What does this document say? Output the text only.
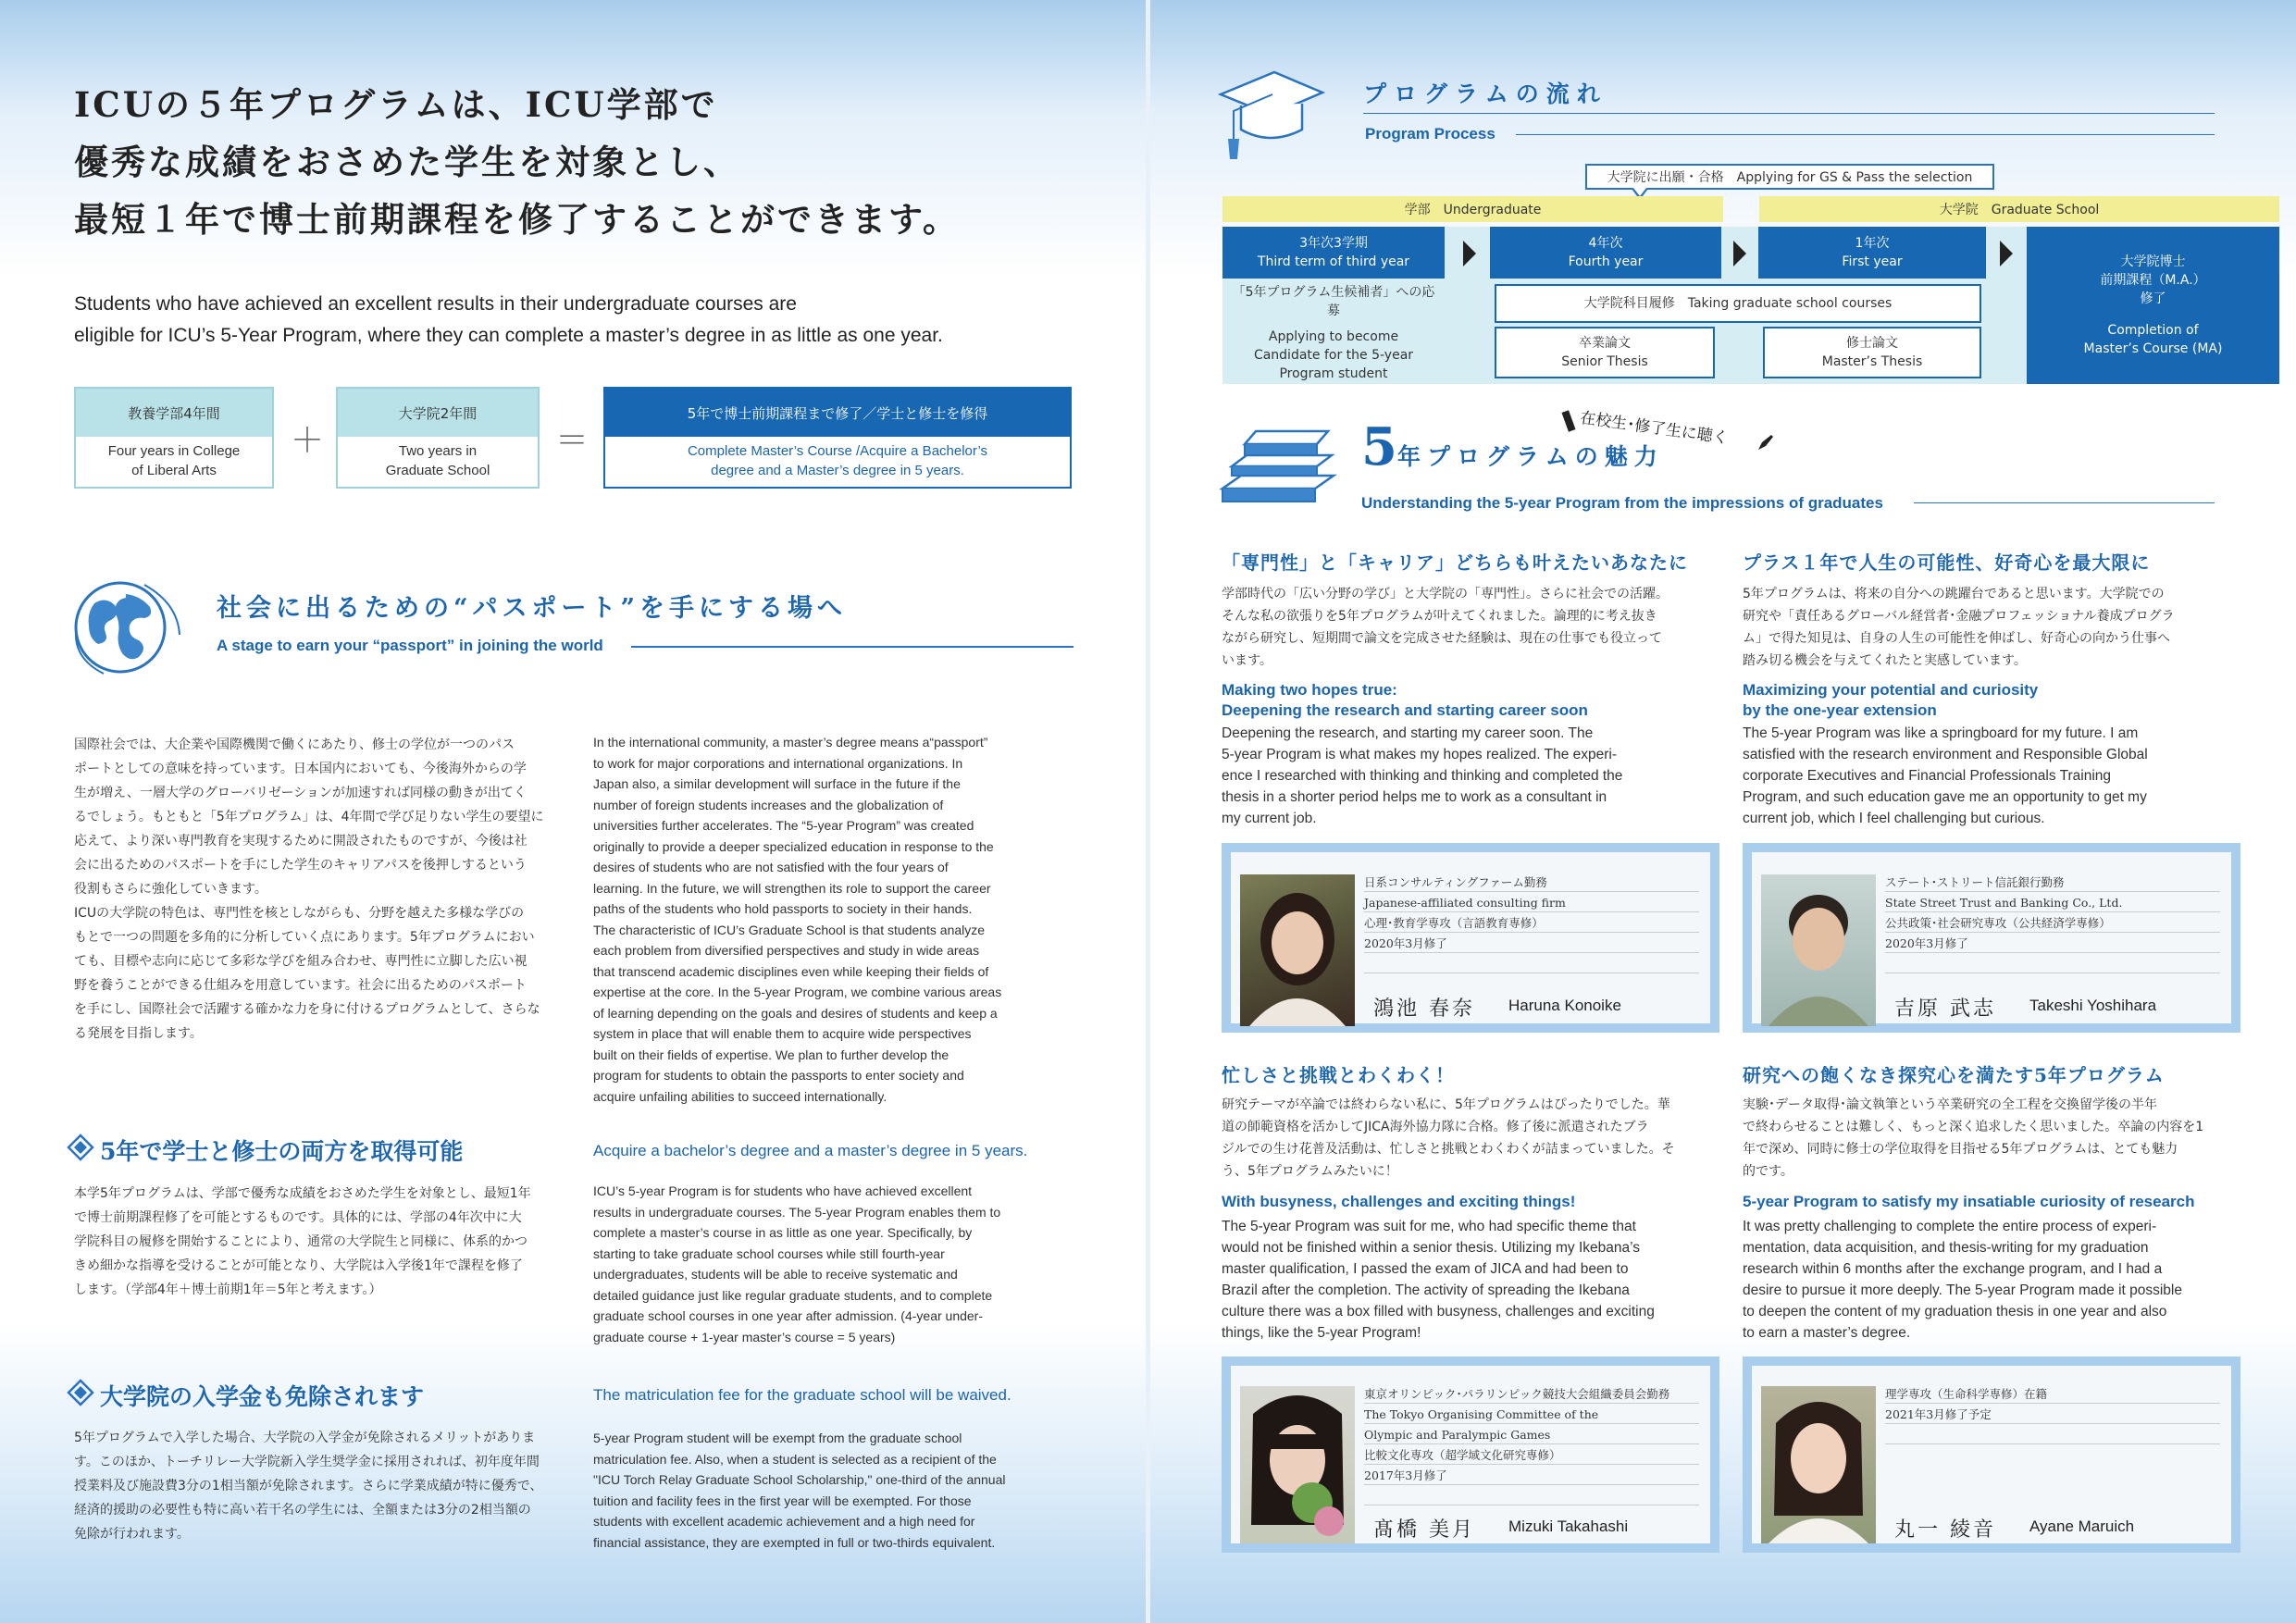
ICUの５年プログラムは、ICU学部で
優秀な成績をおさめた学生を対象とし、
最短１年で博士前期課程を修了することができます。
Students who have achieved an excellent results in their undergraduate courses are
eligible for ICU’s 5-Year Program, where they can complete a master’s degree in as little as one year.
教養学部4年間
Four years in College
of Liberal Arts
＋
大学院2年間
Two years in
Graduate School
＝
5年で博士前期課程まで修了／学士と修士を修得
Complete Master’s Course /Acquire a Bachelor’s
degree and a Master’s degree in 5 years.
社会に出るための“パスポート”を手にする場へ
A stage to earn your “passport” in joining the world
国際社会では、大企業や国際機関で働くにあたり、修士の学位が一つのパス
ポートとしての意味を持っています。日本国内においても、今後海外からの学
生が増え、一層大学のグローバリゼーションが加速すれば同様の動きが出てく
るでしょう。もともと「5年プログラム」は、4年間で学び足りない学生の要望に
応えて、より深い専門教育を実現するために開設されたものですが、今後は社
会に出るためのパスポートを手にした学生のキャリアパスを後押しするという
役割もさらに強化していきます。
ICUの大学院の特色は、専門性を核としながらも、分野を越えた多様な学びの
もとで一つの問題を多角的に分析していく点にあります。5年プログラムにおい
ても、目標や志向に応じて多彩な学びを組み合わせ、専門性に立脚した広い視
野を養うことができる仕組みを用意しています。社会に出るためのパスポート
を手にし、国際社会で活躍する確かな力を身に付けるプログラムとして、さらな
る発展を目指します。
In the international community, a master’s degree means a“passport”
to work for major corporations and international organizations. In
Japan also, a similar development will surface in the future if the
number of foreign students increases and the globalization of
universities further accelerates. The “5-year Program” was created
originally to provide a deeper specialized education in response to the
desires of students who are not satisfied with the four years of
learning. In the future, we will strengthen its role to support the career
paths of the students who hold passports to society in their hands.
The characteristic of ICU’s Graduate School is that students analyze
each problem from diversified perspectives and study in wide areas
that transcend academic disciplines even while keeping their fields of
expertise at the core. In the 5-year Program, we combine various areas
of learning depending on the goals and desires of students and keep a
system in place that will enable them to acquire wide perspectives
built on their fields of expertise. We plan to further develop the
program for students to obtain the passports to enter society and
acquire unfailing abilities to succeed internationally.
5年で学士と修士の両方を取得可能	Acquire a bachelor’s degree and a master’s degree in 5 years.
本学5年プログラムは、学部で優秀な成績をおさめた学生を対象とし、最短1年
で博士前期課程修了を可能とするものです。具体的には、学部の4年次中に大
学院科目の履修を開始することにより、通常の大学院生と同様に、体系的かつ
きめ細かな指導を受けることが可能となり、大学院は入学後1年で課程を修了
します。（学部4年＋博士前期1年＝5年と考えます。）
ICU’s 5-year Program is for students who have achieved excellent
results in undergraduate courses. The 5-year Program enables them to
complete a master’s course in as little as one year. Specifically, by
starting to take graduate school courses while still fourth-year
undergraduates, students will be able to receive systematic and
detailed guidance just like regular graduate students, and to complete
graduate school courses in one year after admission. (4-year under-
graduate course + 1-year master’s course = 5 years)
大学院の入学金も免除されます	The matriculation fee for the graduate school will be waived.
5年プログラムで入学した場合、大学院の入学金が免除されるメリットがありま
す。このほか、トーチリレー大学院新入学生奨学金に採用されれば、初年度年間
授業料及び施設費3分の1相当額が免除されます。さらに学業成績が特に優秀で、
経済的援助の必要性も特に高い若干名の学生には、全額または3分の2相当額の
免除が行われます。
5-year Program student will be exempt from the graduate school
matriculation fee. Also, when a student is selected as a recipient of the
"ICU Torch Relay Graduate School Scholarship," one-third of the annual
tuition and facility fees in the first year will be exempted. For those
students with excellent academic achievement and a high need for
financial assistance, they are exempted in full or two-thirds equivalent.
プログラムの流れ
Program Process
大学院に出願・合格　Applying for GS & Pass the selection
学部　Undergraduate	大学院　Graduate School
3年次3学期
Third term of third year
「5年プログラム生候補者」への応募
Applying to become
Candidate for the 5-year
Program student
4年次
Fourth year
1年次
First year
大学院科目履修　Taking graduate school courses
卒業論文
Senior Thesis
修士論文
Master’s Thesis
大学院博士
前期課程（M.A.）
修了
Completion of
Master’s Course (MA)
在校生･修了生に聴く
5年プログラムの魅力
Understanding the 5-year Program from the impressions of graduates
「専門性」と「キャリア」どちらも叶えたいあなたに
学部時代の「広い分野の学び」と大学院の「専門性」。さらに社会での活躍。
そんな私の欲張りを5年プログラムが叶えてくれました。論理的に考え抜き
ながら研究し、短期間で論文を完成させた経験は、現在の仕事でも役立って
います。
Making two hopes true:
Deepening the research and starting career soon
Deepening the research, and starting my career soon. The
5-year Program is what makes my hopes realized. The experi-
ence I researched with thinking and thinking and completed the
thesis in a shorter period helps me to work as a consultant in
my current job.
日系コンサルティングファーム勤務
Japanese-affiliated consulting firm
心理･教育学専攻（言語教育専修）
2020年3月修了
鴻池 春奈 Haruna Konoike
プラス１年で人生の可能性、好奇心を最大限に
5年プログラムは、将来の自分への跳躍台であると思います。大学院での
研究や「責任あるグローバル経営者･金融プロフェッショナル養成プログラ
ム」で得た知見は、自身の人生の可能性を伸ばし、好奇心の向かう仕事へ
踏み切る機会を与えてくれたと実感しています。
Maximizing your potential and curiosity
by the one-year extension
The 5-year Program was like a springboard for my future. I am
satisfied with the research environment and Responsible Global
corporate Executives and Financial Professionals Training
Program, and such education gave me an opportunity to get my
current job, which I feel challenging but curious.
ステート･ストリート信託銀行勤務
State Street Trust and Banking Co., Ltd.
公共政策･社会研究専攻（公共経済学専修）
2020年3月修了
吉原 武志 Takeshi Yoshihara
忙しさと挑戦とわくわく！
研究テーマが卒論では終わらない私に、5年プログラムはぴったりでした。華
道の師範資格を活かしてJICA海外協力隊に合格。修了後に派遣されたブラ
ジルでの生け花普及活動は、忙しさと挑戦とわくわくが詰まっていました。そ
う、5年プログラムみたいに！
With busyness, challenges and exciting things!
The 5-year Program was suit for me, who had specific theme that
would not be finished within a senior thesis. Utilizing my Ikebana’s
master qualification, I passed the exam of JICA and had been to
Brazil after the completion. The activity of spreading the Ikebana
culture there was a box filled with busyness, challenges and exciting
things, like the 5-year Program!
東京オリンピック･パラリンピック競技大会組織委員会勤務
The Tokyo Organising Committee of the
Olympic and Paralympic Games
比較文化専攻（超学域文化研究専修）
2017年3月修了
髙橋 美月 Mizuki Takahashi
研究への飽くなき探究心を満たす5年プログラム
実験･データ取得･論文執筆という卒業研究の全工程を交換留学後の半年
で終わらせることは難しく、もっと深く追求したく思いました。卒論の内容を1
年で深め、同時に修士の学位取得を目指せる5年プログラムは、とても魅力
的です。
5-year Program to satisfy my insatiable curiosity of research
It was pretty challenging to complete the entire process of experi-
mentation, data acquisition, and thesis-writing for my graduation
research within 6 months after the exchange program, and I had a
desire to pursue it more deeply. The 5-year Program made it possible
to deepen the content of my graduation thesis in one year and also
to earn a master’s degree.
理学専攻（生命科学専修）在籍
2021年3月修了予定
丸一 綾音 Ayane Maruich
